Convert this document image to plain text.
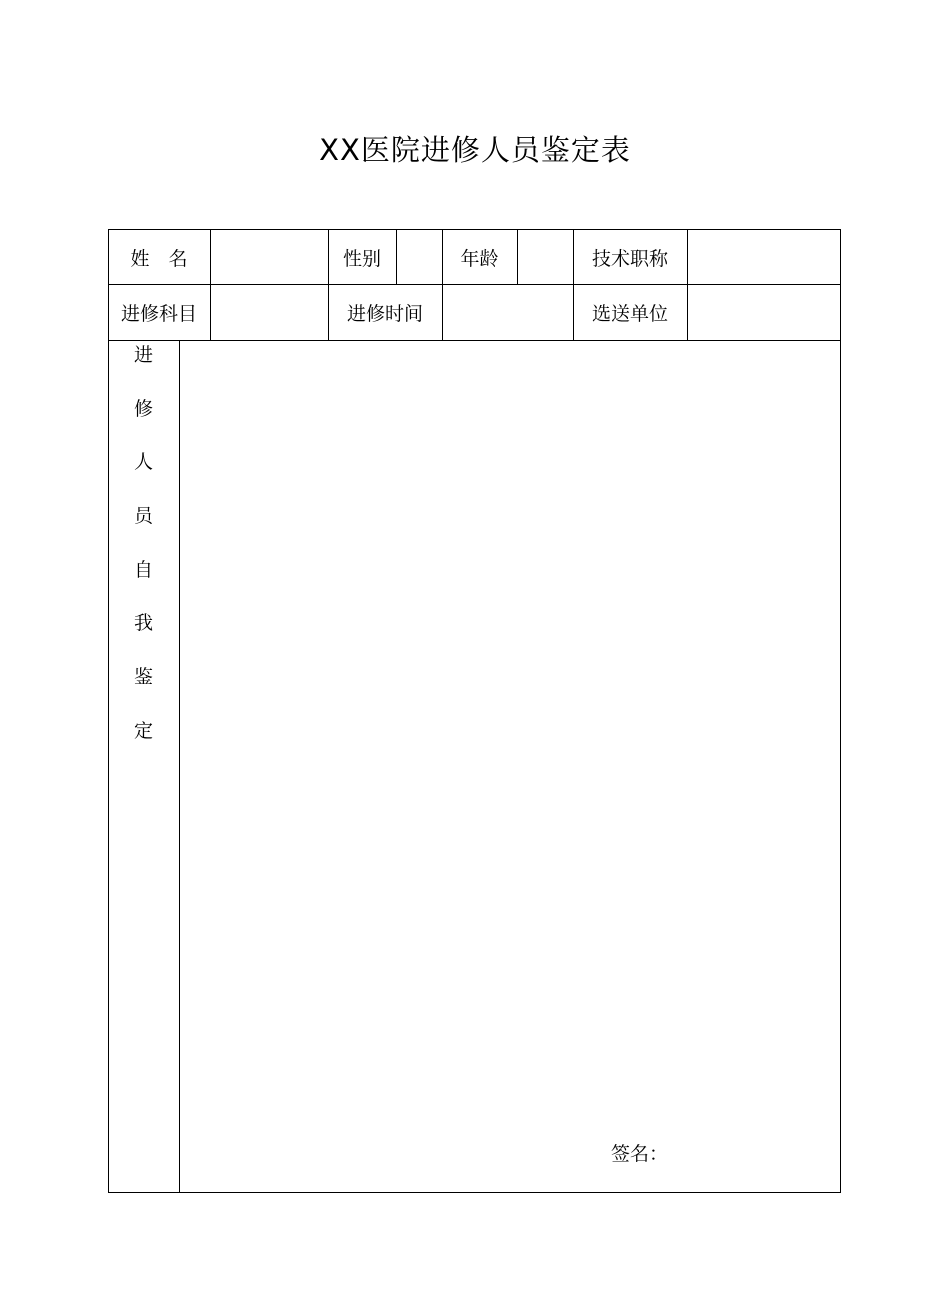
XX医院进修人员鉴定表
姓　名	性别	年龄	技术职称
进修科目	进修时间	选送单位
进
修
人
员
自
我
鉴
定
签名：
